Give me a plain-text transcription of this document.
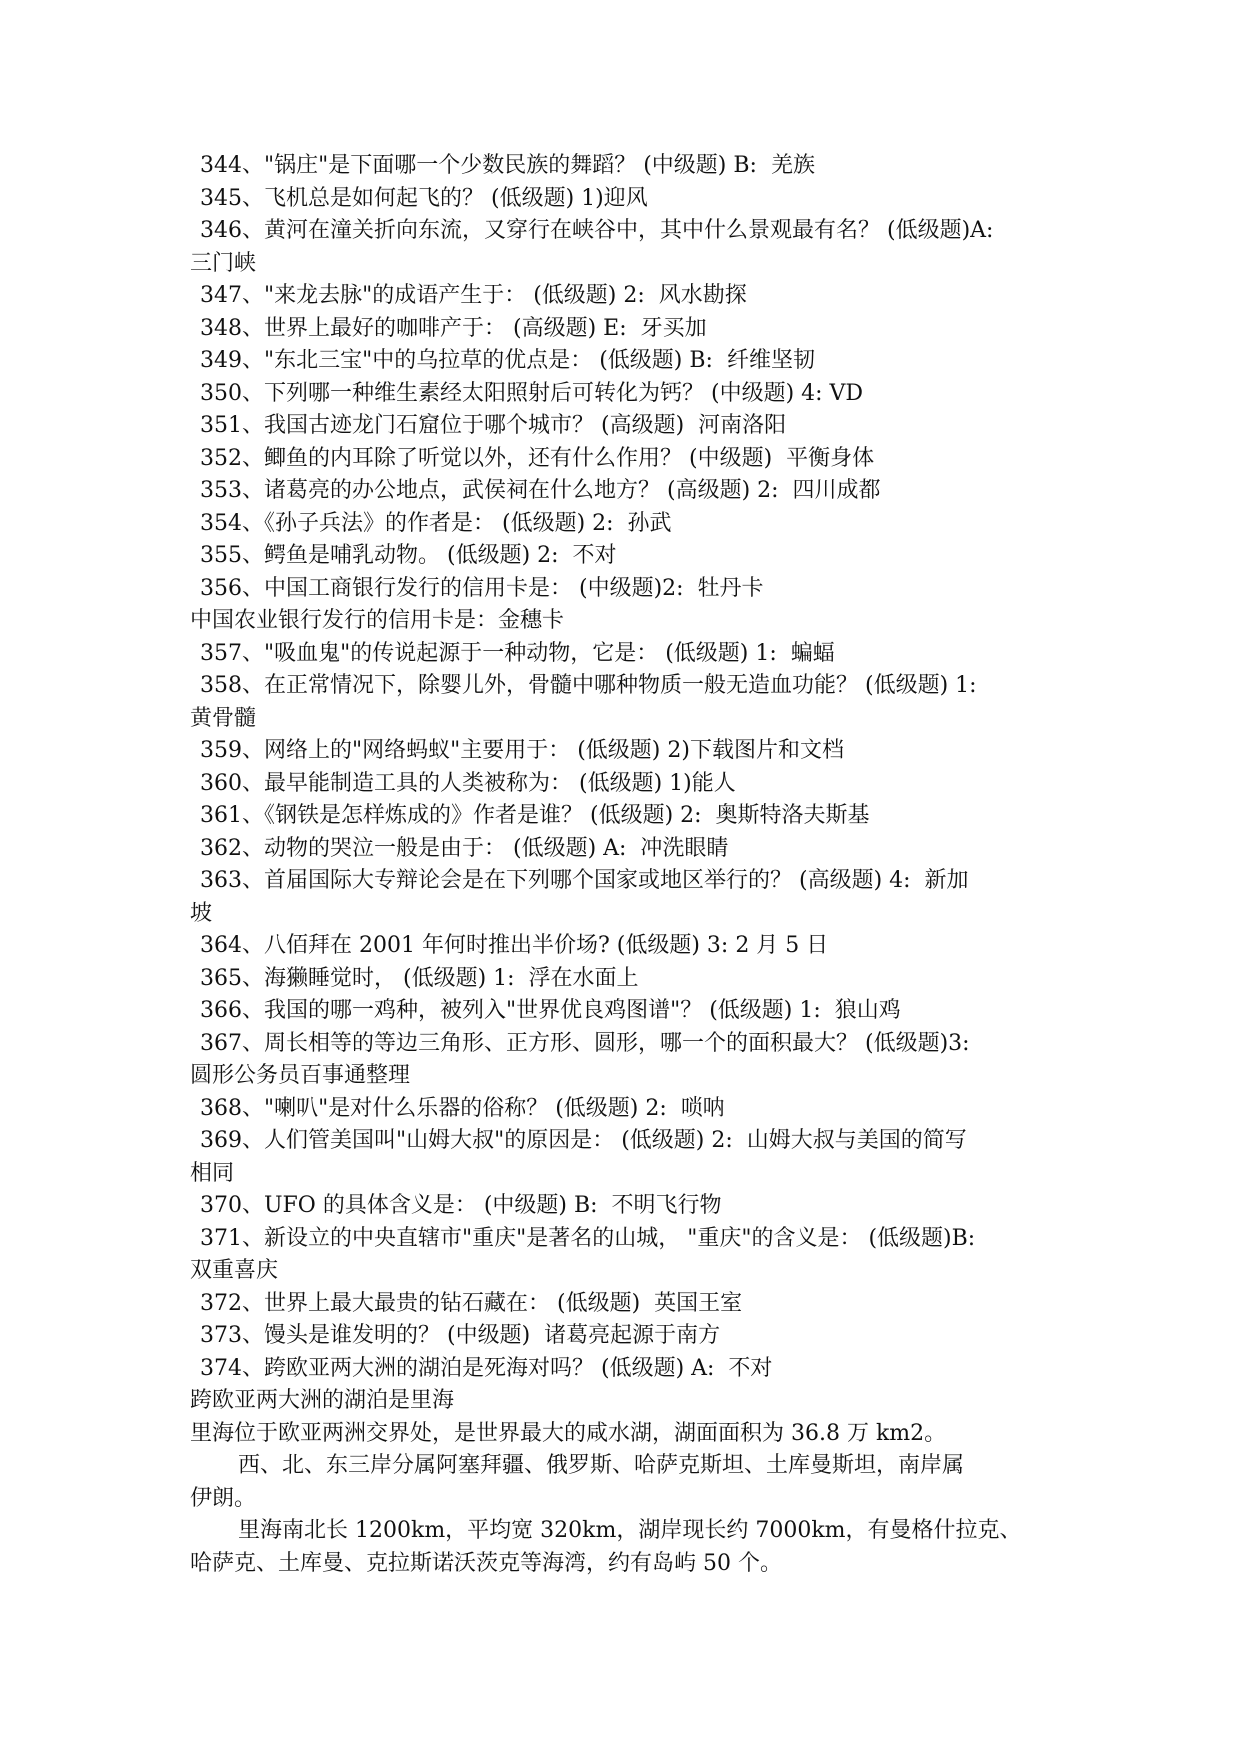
344、"锅庄"是下面哪一个少数民族的舞蹈？ (中级题) B:  羌族
345、飞机总是如何起飞的？ (低级题) 1)迎风
346、黄河在潼关折向东流，又穿行在峡谷中，其中什么景观最有名？ (低级题)A:
三门峡
347、"来龙去脉"的成语产生于： (低级题) 2:  风水勘探
348、世界上最好的咖啡产于： (高级题) E:  牙买加
349、"东北三宝"中的乌拉草的优点是： (低级题) B:  纤维坚韧
350、下列哪一种维生素经太阳照射后可转化为钙？ (中级题) 4: VD
351、我国古迹龙门石窟位于哪个城市？ (高级题)  河南洛阳
352、鲫鱼的内耳除了听觉以外，还有什么作用？ (中级题)  平衡身体
353、诸葛亮的办公地点，武侯祠在什么地方？ (高级题) 2:  四川成都
354、《孙子兵法》的作者是： (低级题) 2:  孙武
355、鳄鱼是哺乳动物。 (低级题) 2:  不对
356、中国工商银行发行的信用卡是： (中级题)2:  牡丹卡
中国农业银行发行的信用卡是：金穗卡
357、"吸血鬼"的传说起源于一种动物，它是： (低级题) 1:  蝙蝠
358、在正常情况下，除婴儿外，骨髓中哪种物质一般无造血功能？ (低级题) 1:
黄骨髓
359、网络上的"网络蚂蚁"主要用于： (低级题) 2)下载图片和文档
360、最早能制造工具的人类被称为： (低级题) 1)能人
361、《钢铁是怎样炼成的》作者是谁？ (低级题) 2:  奥斯特洛夫斯基
362、动物的哭泣一般是由于： (低级题) A:  冲洗眼睛
363、首届国际大专辩论会是在下列哪个国家或地区举行的？ (高级题) 4:  新加
坡
364、八佰拜在 2001 年何时推出半价场? (低级题) 3: 2 月 5 日
365、海獭睡觉时， (低级题) 1:  浮在水面上
366、我国的哪一鸡种，被列入"世界优良鸡图谱"？ (低级题) 1:  狼山鸡
367、周长相等的等边三角形、正方形、圆形，哪一个的面积最大？ (低级题)3:
圆形公务员百事通整理
368、"喇叭"是对什么乐器的俗称？ (低级题) 2:  唢呐
369、人们管美国叫"山姆大叔"的原因是： (低级题) 2:  山姆大叔与美国的简写
相同
370、UFO 的具体含义是： (中级题) B:  不明飞行物
371、新设立的中央直辖市"重庆"是著名的山城， "重庆"的含义是： (低级题)B:
双重喜庆
372、世界上最大最贵的钻石藏在： (低级题)  英国王室
373、馒头是谁发明的？ (中级题)  诸葛亮起源于南方
374、跨欧亚两大洲的湖泊是死海对吗？ (低级题) A:  不对
跨欧亚两大洲的湖泊是里海
里海位于欧亚两洲交界处，是世界最大的咸水湖，湖面面积为 36.8 万 km2。
西、北、东三岸分属阿塞拜疆、俄罗斯、哈萨克斯坦、土库曼斯坦，南岸属
伊朗。
里海南北长 1200km，平均宽 320km，湖岸现长约 7000km，有曼格什拉克、
哈萨克、土库曼、克拉斯诺沃茨克等海湾，约有岛屿 50 个。
